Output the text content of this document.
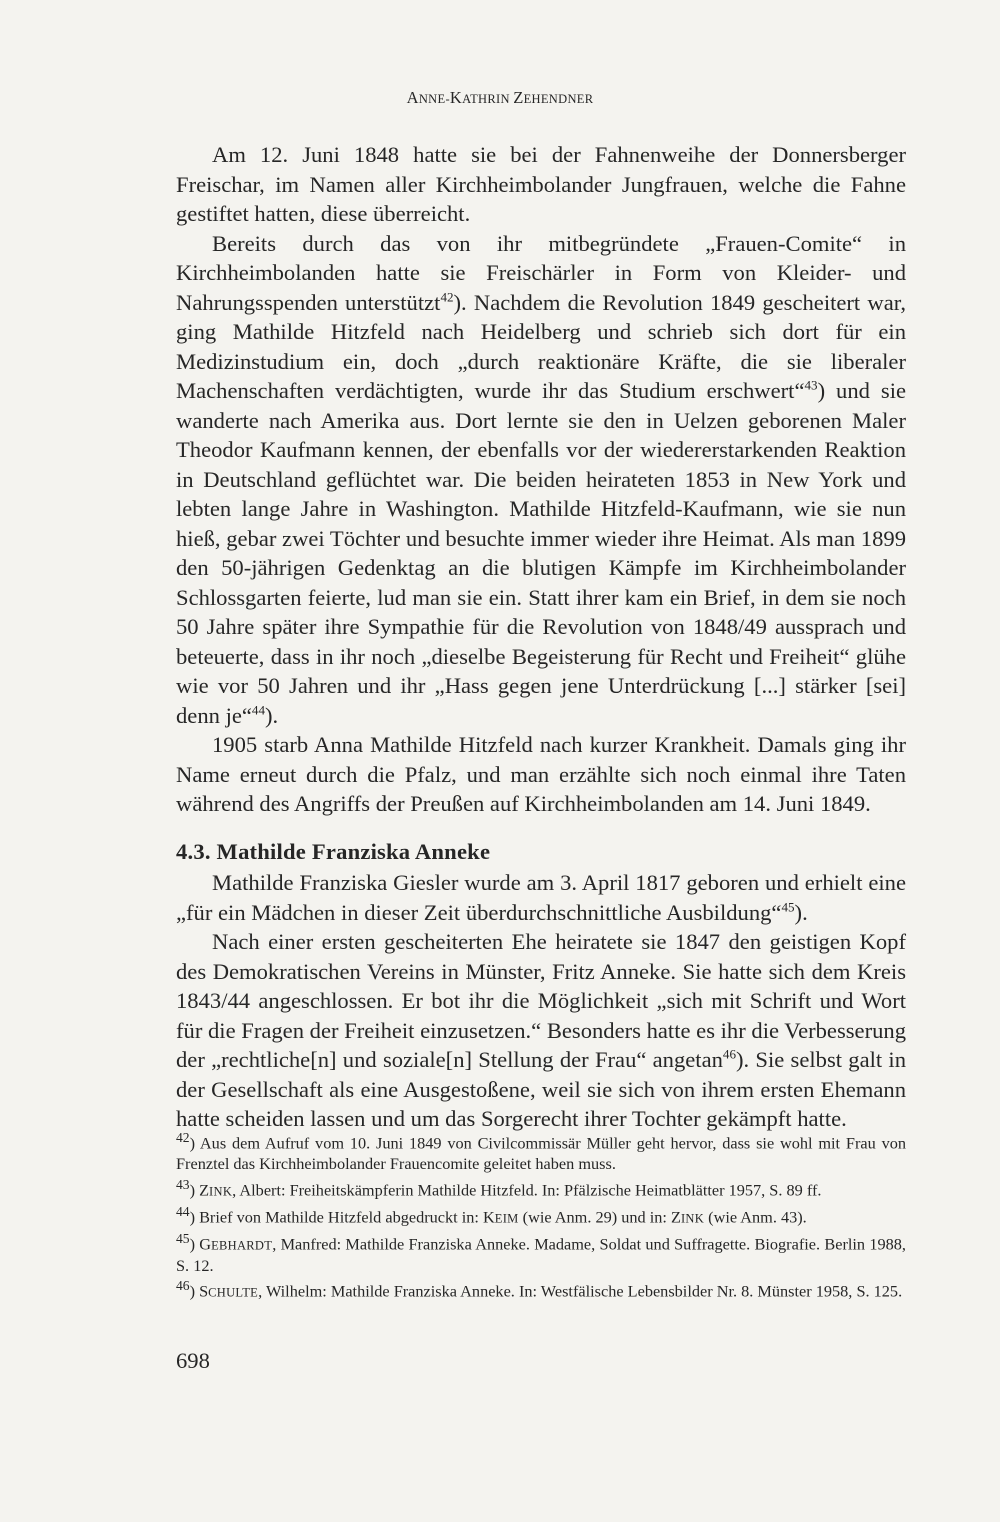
ANNE-KATHRIN ZEHENDNER

Am 12. Juni 1848 hatte sie bei der Fahnenweihe der Donnersberger Freischar, im Namen aller Kirchheimbolander Jungfrauen, welche die Fahne gestiftet hatten, diese überreicht.

Bereits durch das von ihr mitbegründete „Frauen-Comite“ in Kirchheimbolanden hatte sie Freischärler in Form von Kleider- und Nahrungsspenden unterstützt$^{42}$). Nachdem die Revolution 1849 gescheitert war, ging Mathilde Hitzfeld nach Heidelberg und schrieb sich dort für ein Medizinstudium ein, doch „durch reaktionäre Kräfte, die sie liberaler Machenschaften verdächtigten, wurde ihr das Studium erschwert“$^{43}$) und sie wanderte nach Amerika aus. Dort lernte sie den in Uelzen geborenen Maler Theodor Kaufmann kennen, der ebenfalls vor der wiedererstarkenden Reaktion in Deutschland geflüchtet war. Die beiden heirateten 1853 in New York und lebten lange Jahre in Washington. Mathilde Hitzfeld-Kaufmann, wie sie nun hieß, gebar zwei Töchter und besuchte immer wieder ihre Heimat. Als man 1899 den 50-jährigen Gedenktag an die blutigen Kämpfe im Kirchheimbolander Schlossgarten feierte, lud man sie ein. Statt ihrer kam ein Brief, in dem sie noch 50 Jahre später ihre Sympathie für die Revolution von 1848/49 aussprach und beteuerte, dass in ihr noch „dieselbe Begeisterung für Recht und Freiheit“ glühe wie vor 50 Jahren und ihr „Hass gegen jene Unterdrückung [...] stärker [sei] denn je“$^{44}$).

1905 starb Anna Mathilde Hitzfeld nach kurzer Krankheit. Damals ging ihr Name erneut durch die Pfalz, und man erzählte sich noch einmal ihre Taten während des Angriffs der Preußen auf Kirchheimbolanden am 14. Juni 1849.

4.3. Mathilde Franziska Anneke

Mathilde Franziska Giesler wurde am 3. April 1817 geboren und erhielt eine „für ein Mädchen in dieser Zeit überdurchschnittliche Ausbildung“$^{45}$).

Nach einer ersten gescheiterten Ehe heiratete sie 1847 den geistigen Kopf des Demokratischen Vereins in Münster, Fritz Anneke. Sie hatte sich dem Kreis 1843/44 angeschlossen. Er bot ihr die Möglichkeit „sich mit Schrift und Wort für die Fragen der Freiheit einzusetzen.“ Besonders hatte es ihr die Verbesserung der „rechtliche[n] und soziale[n] Stellung der Frau“ angetan$^{46}$). Sie selbst galt in der Gesellschaft als eine Ausgestoßene, weil sie sich von ihrem ersten Ehemann hatte scheiden lassen und um das Sorgerecht ihrer Tochter gekämpft hatte.

$^{42}$) Aus dem Aufruf vom 10. Juni 1849 von Civilcommissär Müller geht hervor, dass sie wohl mit Frau von Frenztel das Kirchheimbolander Frauencomite geleitet haben muss.

$^{43}$) ZINK, Albert: Freiheitskämpferin Mathilde Hitzfeld. In: Pfälzische Heimatblätter 1957, S. 89 ff.

$^{44}$) Brief von Mathilde Hitzfeld abgedruckt in: KEIM (wie Anm. 29) und in: ZINK (wie Anm. 43).

$^{45}$) GEBHARDT, Manfred: Mathilde Franziska Anneke. Madame, Soldat und Suffragette. Biografie. Berlin 1988, S. 12.

$^{46}$) SCHULTE, Wilhelm: Mathilde Franziska Anneke. In: Westfälische Lebensbilder Nr. 8. Münster 1958, S. 125.

698
